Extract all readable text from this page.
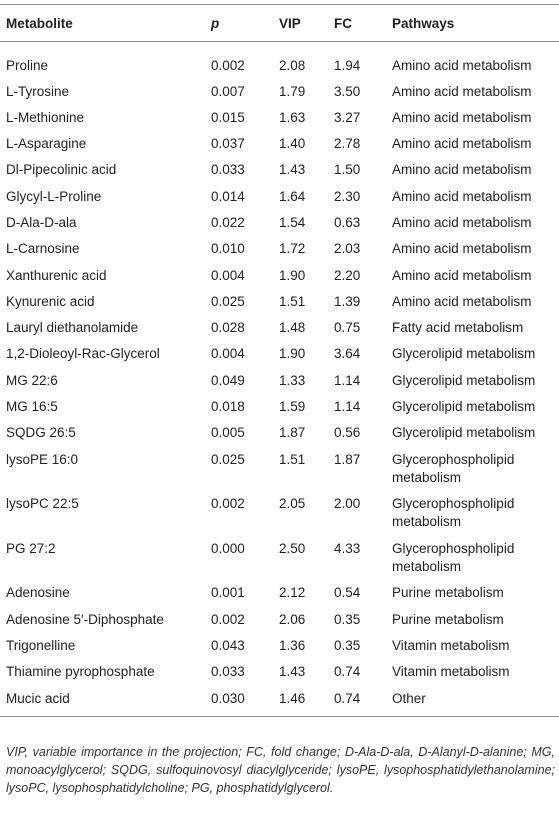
Metabolite	p	VIP	FC	Pathways
Proline	0.002	2.08	1.94	Amino acid metabolism
L-Tyrosine	0.007	1.79	3.50	Amino acid metabolism
L-Methionine	0.015	1.63	3.27	Amino acid metabolism
L-Asparagine	0.037	1.40	2.78	Amino acid metabolism
Dl-Pipecolinic acid	0.033	1.43	1.50	Amino acid metabolism
Glycyl-L-Proline	0.014	1.64	2.30	Amino acid metabolism
D-Ala-D-ala	0.022	1.54	0.63	Amino acid metabolism
L-Carnosine	0.010	1.72	2.03	Amino acid metabolism
Xanthurenic acid	0.004	1.90	2.20	Amino acid metabolism
Kynurenic acid	0.025	1.51	1.39	Amino acid metabolism
Lauryl diethanolamide	0.028	1.48	0.75	Fatty acid metabolism
1,2-Dioleoyl-Rac-Glycerol	0.004	1.90	3.64	Glycerolipid metabolism
MG 22:6	0.049	1.33	1.14	Glycerolipid metabolism
MG 16:5	0.018	1.59	1.14	Glycerolipid metabolism
SQDG 26:5	0.005	1.87	0.56	Glycerolipid metabolism
lysoPE 16:0	0.025	1.51	1.87	Glycerophospholipid metabolism
lysoPC 22:5	0.002	2.05	2.00	Glycerophospholipid metabolism
PG 27:2	0.000	2.50	4.33	Glycerophospholipid metabolism
Adenosine	0.001	2.12	0.54	Purine metabolism
Adenosine 5′-Diphosphate	0.002	2.06	0.35	Purine metabolism
Trigonelline	0.043	1.36	0.35	Vitamin metabolism
Thiamine pyrophosphate	0.033	1.43	0.74	Vitamin metabolism
Mucic acid	0.030	1.46	0.74	Other
VIP, variable importance in the projection; FC, fold change; D-Ala-D-ala, D-Alanyl-D-alanine; MG, monoacylglycerol; SQDG, sulfoquinovosyl diacylglyceride; lysoPE, lysophosphatidylethanolamine; lysoPC, lysophosphatidylcholine; PG, phosphatidylglycerol.
